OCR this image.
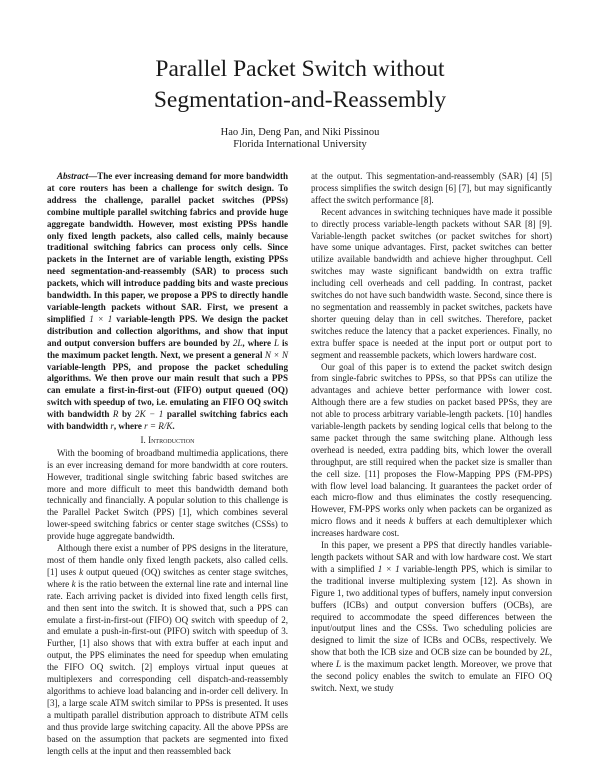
Parallel Packet Switch without
Segmentation-and-Reassembly
Hao Jin, Deng Pan, and Niki Pissinou
Florida International University

Abstract—The ever increasing demand for more bandwidth at core routers has been a challenge for switch design. To address the challenge, parallel packet switches (PPSs) combine multiple parallel switching fabrics and provide huge aggregate bandwidth. However, most existing PPSs handle only fixed length packets, also called cells, mainly because traditional switching fabrics can process only cells. Since packets in the Internet are of variable length, existing PPSs need segmentation-and-reassembly (SAR) to process such packets, which will introduce padding bits and waste precious bandwidth. In this paper, we propose a PPS to directly handle variable-length packets without SAR. First, we present a simplified 1 × 1 variable-length PPS. We design the packet distribution and collection algorithms, and show that input and output conversion buffers are bounded by 2L, where L is the maximum packet length. Next, we present a general N × N variable-length PPS, and propose the packet scheduling algorithms. We then prove our main result that such a PPS can emulate a first-in-first-out (FIFO) output queued (OQ) switch with speedup of two, i.e. emulating an FIFO OQ switch with bandwidth R by 2K − 1 parallel switching fabrics each with bandwidth r, where r = R/K.

I. Introduction

With the booming of broadband multimedia applications, there is an ever increasing demand for more bandwidth at core routers. However, traditional single switching fabric based switches are more and more difficult to meet this bandwidth demand both technically and financially. A popular solution to this challenge is the Parallel Packet Switch (PPS) [1], which combines several lower-speed switching fabrics or center stage switches (CSSs) to provide huge aggregate bandwidth.

Although there exist a number of PPS designs in the literature, most of them handle only fixed length packets, also called cells. [1] uses k output queued (OQ) switches as center stage switches, where k is the ratio between the external line rate and internal line rate. Each arriving packet is divided into fixed length cells first, and then sent into the switch. It is showed that, such a PPS can emulate a first-in-first-out (FIFO) OQ switch with speedup of 2, and emulate a push-in-first-out (PIFO) switch with speedup of 3. Further, [1] also shows that with extra buffer at each input and output, the PPS eliminates the need for speedup when emulating the FIFO OQ switch. [2] employs virtual input queues at multiplexers and corresponding cell dispatch-and-reassembly algorithms to achieve load balancing and in-order cell delivery. In [3], a large scale ATM switch similar to PPSs is presented. It uses a multipath parallel distribution approach to distribute ATM cells and thus provide large switching capacity. All the above PPSs are based on the assumption that packets are segmented into fixed length cells at the input and then reassembled back

at the output. This segmentation-and-reassembly (SAR) [4] [5] process simplifies the switch design [6] [7], but may significantly affect the switch performance [8].

Recent advances in switching techniques have made it possible to directly process variable-length packets without SAR [8] [9]. Variable-length packet switches (or packet switches for short) have some unique advantages. First, packet switches can better utilize available bandwidth and achieve higher throughput. Cell switches may waste significant bandwidth on extra traffic including cell overheads and cell padding. In contrast, packet switches do not have such bandwidth waste. Second, since there is no segmentation and reassembly in packet switches, packets have shorter queuing delay than in cell switches. Therefore, packet switches reduce the latency that a packet experiences. Finally, no extra buffer space is needed at the input port or output port to segment and reassemble packets, which lowers hardware cost.

Our goal of this paper is to extend the packet switch design from single-fabric switches to PPSs, so that PPSs can utilize the advantages and achieve better performance with lower cost. Although there are a few studies on packet based PPSs, they are not able to process arbitrary variable-length packets. [10] handles variable-length packets by sending logical cells that belong to the same packet through the same switching plane. Although less overhead is needed, extra padding bits, which lower the overall throughput, are still required when the packet size is smaller than the cell size. [11] proposes the Flow-Mapping PPS (FM-PPS) with flow level load balancing. It guarantees the packet order of each micro-flow and thus eliminates the costly resequencing. However, FM-PPS works only when packets can be organized as micro flows and it needs k buffers at each demultiplexer which increases hardware cost.

In this paper, we present a PPS that directly handles variable-length packets without SAR and with low hardware cost. We start with a simplified 1 × 1 variable-length PPS, which is similar to the traditional inverse multiplexing system [12]. As shown in Figure 1, two additional types of buffers, namely input conversion buffers (ICBs) and output conversion buffers (OCBs), are required to accommodate the speed differences between the input/output lines and the CSSs. Two scheduling policies are designed to limit the size of ICBs and OCBs, respectively. We show that both the ICB size and OCB size can be bounded by 2L, where L is the maximum packet length. Moreover, we prove that the second policy enables the switch to emulate an FIFO OQ switch. Next, we study
